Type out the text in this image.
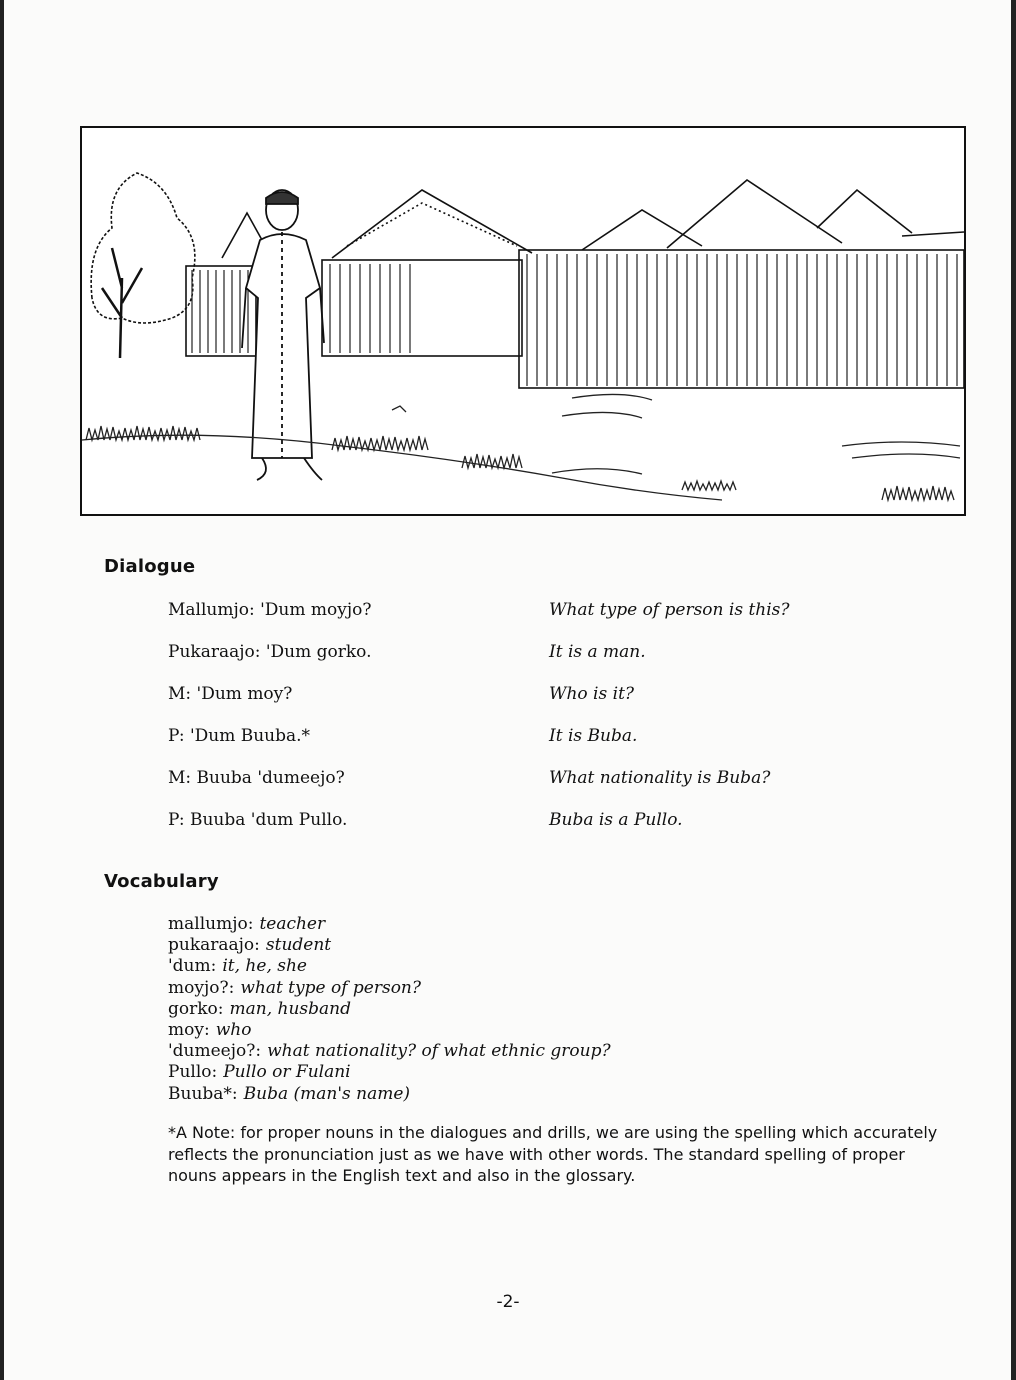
Dialogue
Mallumjo: 'Dum moyjo?	What type of person is this?
Pukaraajo: 'Dum gorko.	It is a man.
M: 'Dum moy?	Who is it?
P: 'Dum Buuba.*	It is Buba.
M: Buuba 'dumeejo?	What nationality is Buba?
P: Buuba 'dum Pullo.	Buba is a Pullo.
Vocabulary
mallumjo: teacher
pukaraajo: student
'dum: it, he, she
moyjo?: what type of person?
gorko: man, husband
moy: who
'dumeejo?: what nationality? of what ethnic group?
Pullo: Pullo or Fulani
Buuba*: Buba (man's name)
*A Note: for proper nouns in the dialogues and drills, we are using the spelling which accurately reflects the pronunciation just as we have with other words. The standard spelling of proper nouns appears in the English text and also in the glossary.
-2-
